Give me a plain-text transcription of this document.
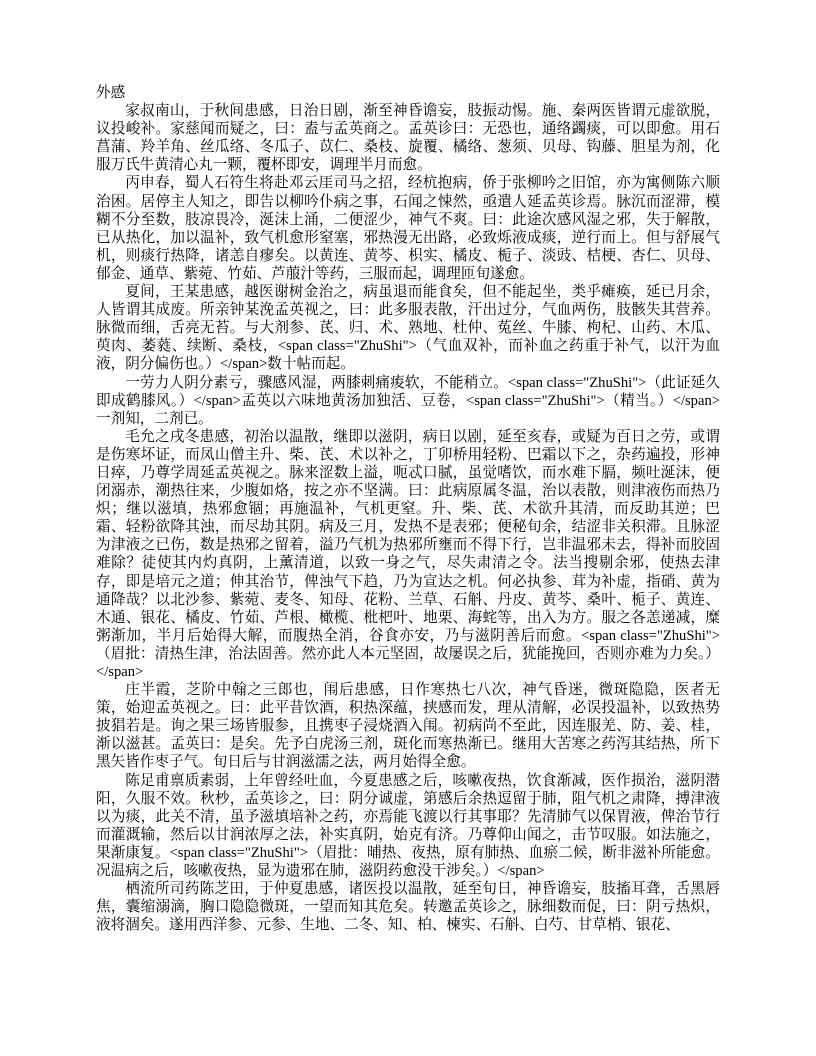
外感

家叔南山，于秋间患感，日治日剧，渐至神昏谵妄，肢振动惕。施、秦两医皆谓元虚欲脱，议投峻补。家慈闻而疑之，曰：盍与孟英商之。孟英诊曰：无恐也，通络蠲痰，可以即愈。用石菖蒲、羚羊角、丝瓜络、冬瓜子、苡仁、桑枝、旋覆、橘络、葱须、贝母、钩藤、胆星为剂，化服万氏牛黄清心丸一颗，覆杯即安，调理半月而愈。

丙申春，蜀人石符生将赴邓云厓司马之招，经杭抱病，侨于张柳吟之旧馆，亦为寓侧陈六顺治困。居停主人知之，即告以柳吟仆病之事，石闻之悚然，亟遣人延孟英诊焉。脉沉而涩滞，模糊不分至数，肢凉畏冷，涎沫上涌，二便涩少，神气不爽。曰：此途次感风湿之邪，失于解散，已从热化，加以温补，致气机愈形窒塞，邪热漫无出路，必致烁液成痰，逆行而上。但与舒展气机，则痰行热降，诸恙自瘳矣。以黄连、黄芩、枳实、橘皮、栀子、淡豉、桔梗、杏仁、贝母、郁金、通草、紫菀、竹茹、芦菔汁等药，三服而起，调理匝旬遂愈。

夏间，王某患感，越医谢树金治之，病虽退而能食矣，但不能起坐，类乎瘫痪，延已月余，人皆谓其成废。所亲钟某浼孟英视之，曰：此多服表散，汗出过分，气血两伤，肢骸失其营养。脉微而细，舌亮无苔。与大剂参、芪、归、术、熟地、杜仲、菟丝、牛膝、枸杞、山药、木瓜、萸肉、萎蕤、续断、桑枝，<span class="ZhuShi">（气血双补，而补血之药重于补气，以汗为血液，阴分偏伤也。）</span>数十帖而起。

一劳力人阴分素亏，骤感风湿，两膝刺痛痠软，不能稍立。<span class="ZhuShi">（此证延久即成鹤膝风。）</span>孟英以六味地黄汤加独活、豆卷，<span class="ZhuShi">（精当。）</span>一剂知，二剂已。

毛允之戌冬患感，初治以温散，继即以滋阴，病日以剧，延至亥春，或疑为百日之劳，或谓是伤寒坏证，而凤山僧主升、柴、芪、术以补之，丁卯桥用轻粉、巴霜以下之，杂药遍投，形神日瘁，乃尊学周延孟英视之。脉来涩数上溢，呃忒口腻，虽觉嗜饮，而水难下膈，频吐涎沫，便闭溺赤，潮热往来，少腹如烙，按之亦不坚满。曰：此病原属冬温，治以表散，则津液伤而热乃炽；继以滋填，热邪愈锢；再施温补，气机更窒。升、柴、芪、术欲升其清，而反助其逆；巴霜、轻粉欲降其浊，而尽劫其阴。病及三月，发热不是表邪；便秘旬余，结涩非关积滞。且脉涩为津液之已伤，数是热邪之留着，溢乃气机为热邪所壅而不得下行，岂非温邪未去，得补而胶固难除？徒使其内灼真阴，上薰清道，以致一身之气，尽失肃清之令。法当搜剔余邪，使热去津存，即是培元之道；伸其治节，俾浊气下趋，乃为宣达之机。何必执参、茸为补虚，指硝、黄为通降哉？以北沙参、紫菀、麦冬、知母、花粉、兰草、石斛、丹皮、黄芩、桑叶、栀子、黄连、木通、银花、橘皮、竹茹、芦根、橄榄、枇杷叶、地栗、海䖳等，出入为方。服之各恙递减，糜粥渐加，半月后始得大解，而腹热全消，谷食亦安，乃与滋阴善后而愈。<span class="ZhuShi">（眉批：清热生津，治法固善。然亦此人本元坚固，故屡误之后，犹能挽回，否则亦难为力矣。）</span>

庄半霞，芝阶中翰之三郎也，闱后患感，日作寒热七八次，神气昏迷，微斑隐隐，医者无策，始迎孟英视之。曰：此平昔饮酒，积热深蕴，挟感而发，理从清解，必误投温补，以致热势披猖若是。询之果三场皆服参，且携枣子浸烧酒入闱。初病尚不至此，因连服羌、防、姜、桂，渐以滋甚。孟英曰：是矣。先予白虎汤三剂，斑化而寒热渐已。继用大苦寒之药泻其结热，所下黑矢皆作枣子气。旬日后与甘润滋濡之法，两月始得全愈。

陈足甫禀质素弱，上年曾经吐血，今夏患感之后，咳嗽夜热，饮食渐减，医作损治，滋阴潜阳，久服不效。秋杪，孟英诊之，曰：阴分诚虚，第感后余热逗留于肺，阻气机之肃降，搏津液以为痰，此关不清，虽予滋填培补之药，亦焉能飞渡以行其事耶？先清肺气以保胃液，俾治节行而灌溉输，然后以甘润浓厚之法，补实真阴，始克有济。乃尊仰山闻之，击节叹服。如法施之，果渐康复。<span class="ZhuShi">（眉批：晡热、夜热，原有肺热、血瘀二候，断非滋补所能愈。况温病之后，咳嗽夜热，显为遗邪在肺，滋阴药愈没干涉矣。）</span>

栖流所司药陈芝田，于仲夏患感，诸医投以温散，延至旬日，神昏谵妄，肢搐耳聋，舌黑唇焦，囊缩溺滴，胸口隐隐微斑，一望而知其危矣。转邀孟英诊之，脉细数而促，曰：阴亏热炽，液将涸矣。遂用西洋参、元参、生地、二冬、知、柏、楝实、石斛、白芍、甘草梢、银花、
